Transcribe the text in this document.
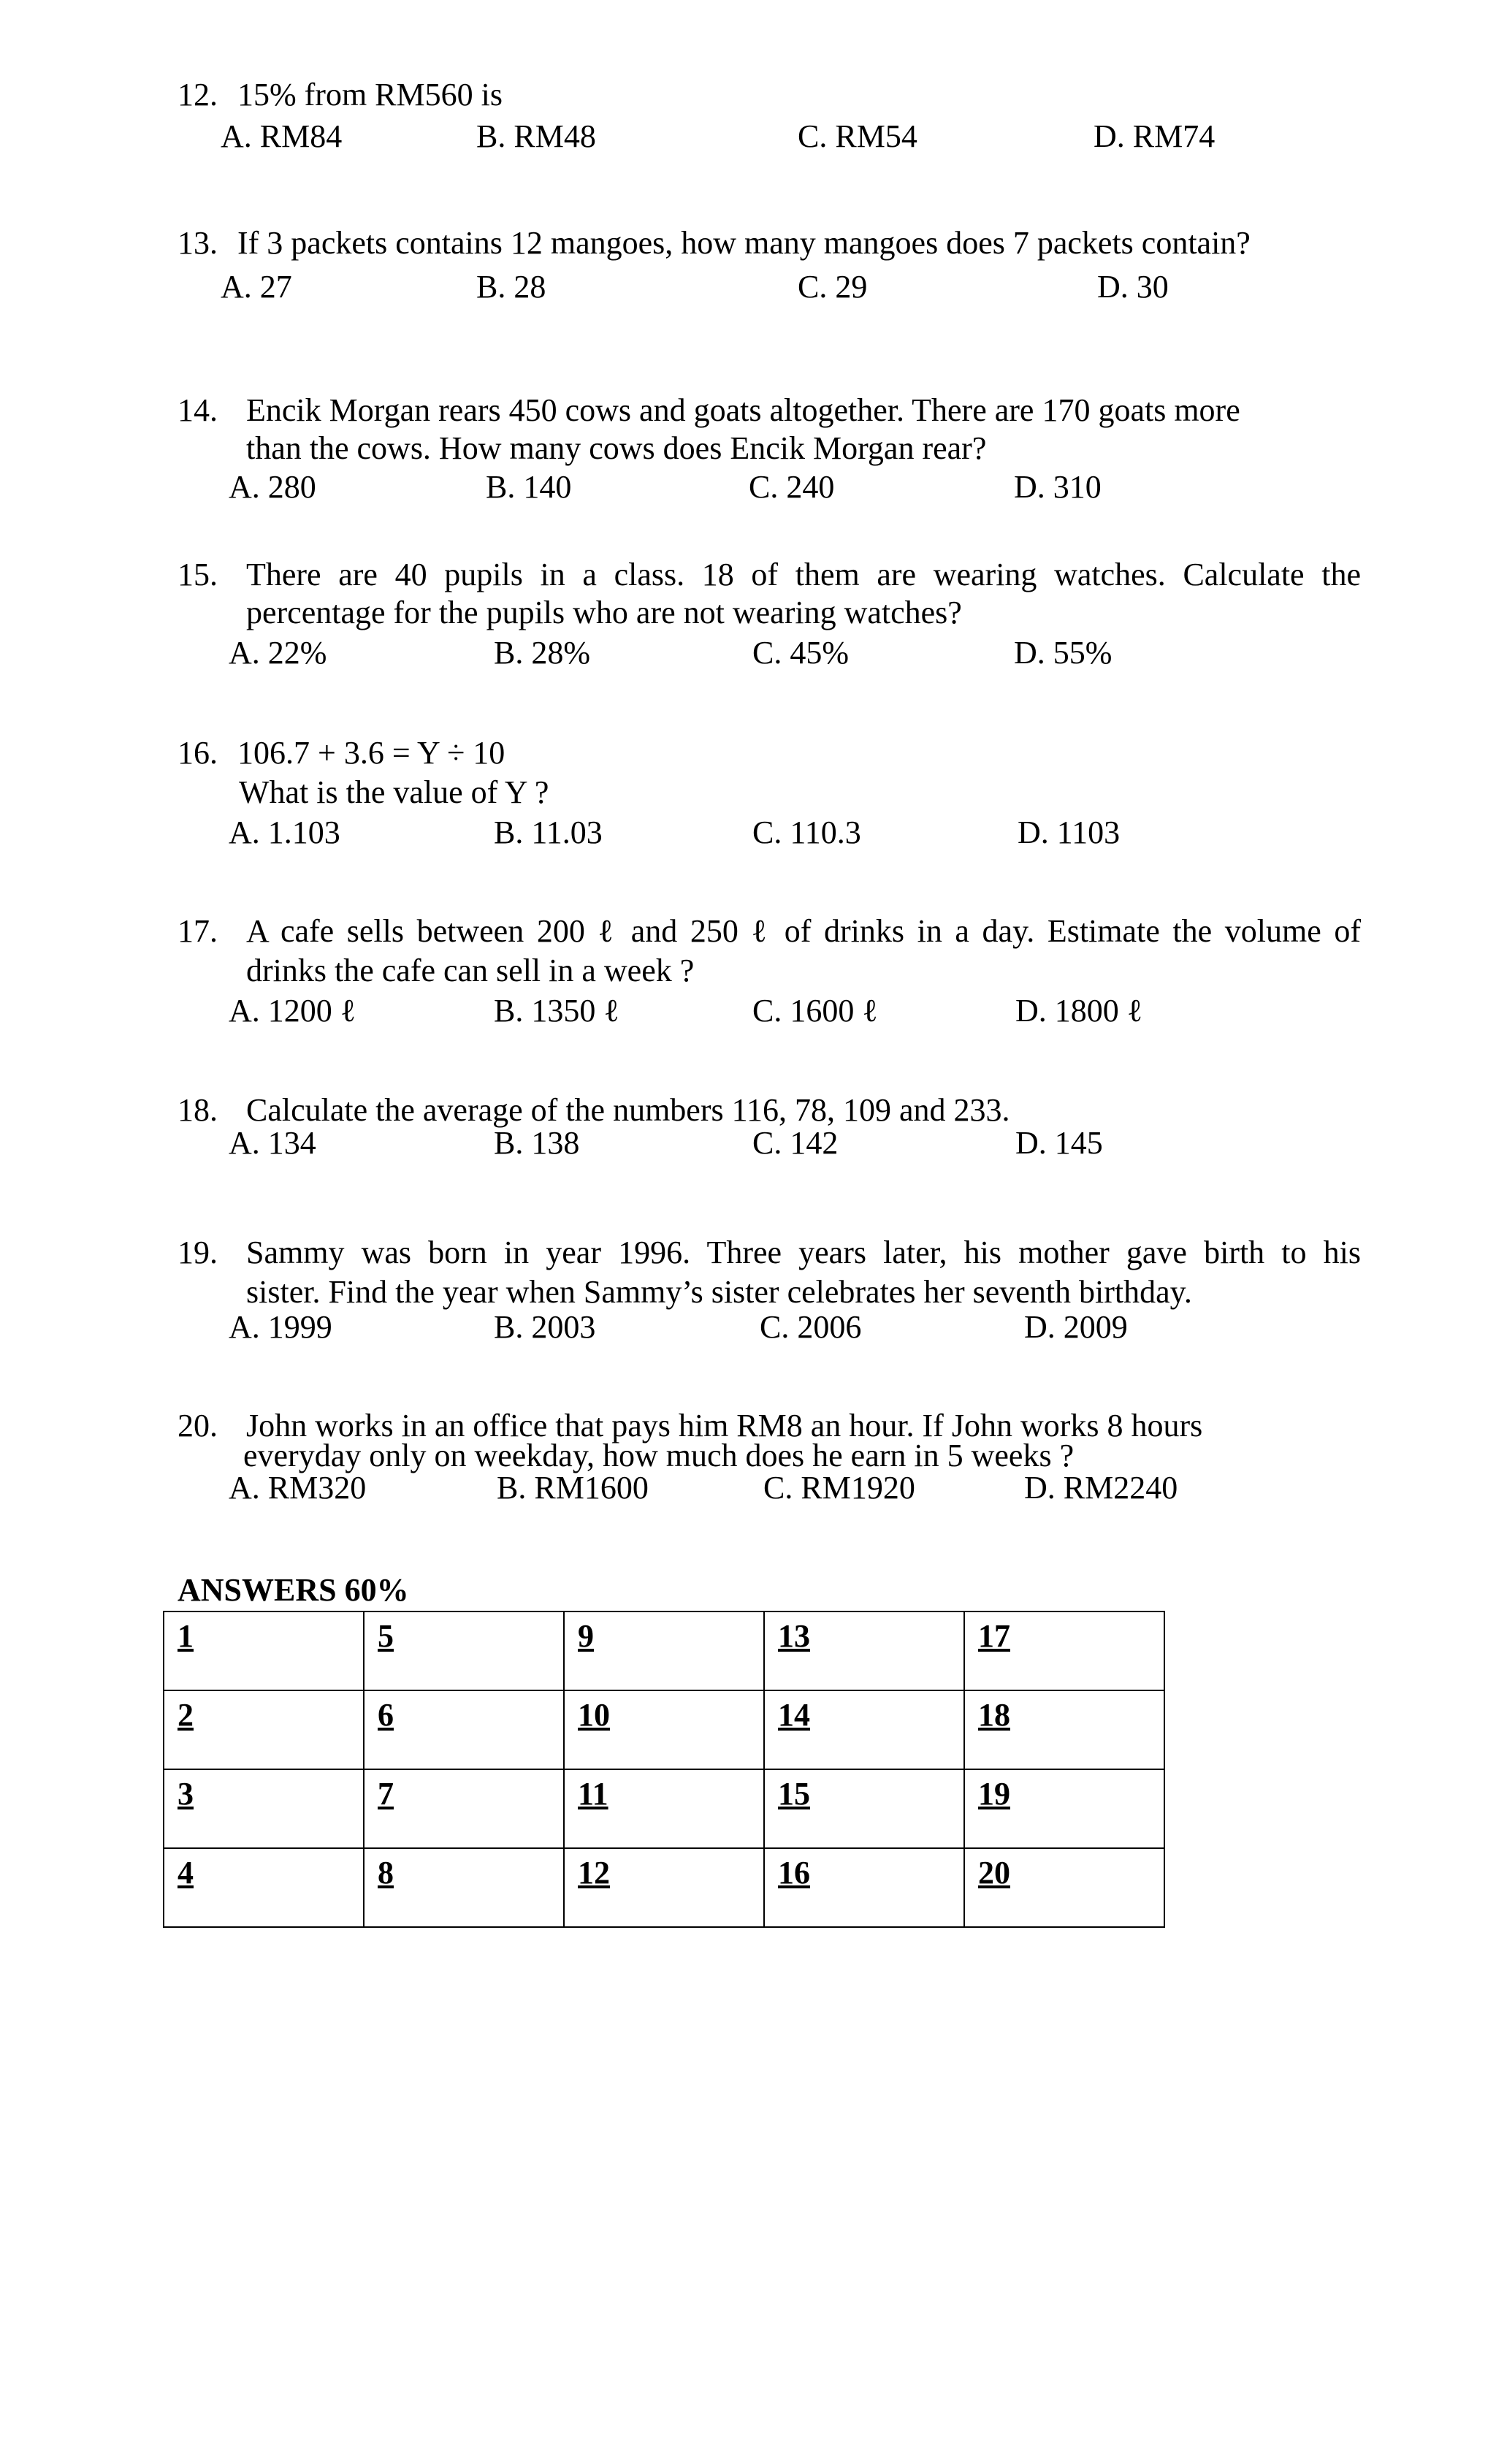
12. 15% from RM560 is
A. RM84	B. RM48	C. RM54	D. RM74
13. If 3 packets contains 12 mangoes, how many mangoes does 7 packets contain?
A. 27	B. 28	C. 29	D. 30
14. Encik Morgan rears 450 cows and goats altogether. There are 170 goats more
than the cows. How many cows does Encik Morgan rear?
A. 280	B. 140	C. 240	D. 310
15. There are 40 pupils in a class. 18 of them are wearing watches. Calculate the
percentage for the pupils who are not wearing watches?
A. 22%	B. 28%	C. 45%	D. 55%
16. 106.7 + 3.6 = Y ÷ 10
What is the value of Y ?
A. 1.103	B. 11.03	C. 110.3	D. 1103
17. A cafe sells between 200 ℓ and 250 ℓ of drinks in a day. Estimate the volume of
drinks the cafe can sell in a week ?
A. 1200 ℓ	B. 1350 ℓ	C. 1600 ℓ	D. 1800 ℓ
18. Calculate the average of the numbers 116, 78, 109 and 233.
A. 134	B. 138	C. 142	D. 145
19. Sammy was born in year 1996. Three years later, his mother gave birth to his
sister. Find the year when Sammy’s sister celebrates her seventh birthday.
A. 1999	B. 2003	C. 2006	D. 2009
20. John works in an office that pays him RM8 an hour. If John works 8 hours
everyday only on weekday, how much does he earn in 5 weeks ?
A. RM320	B. RM1600	C. RM1920	D. RM2240
ANSWERS 60%
1	5	9	13	17
2	6	10	14	18
3	7	11	15	19
4	8	12	16	20
